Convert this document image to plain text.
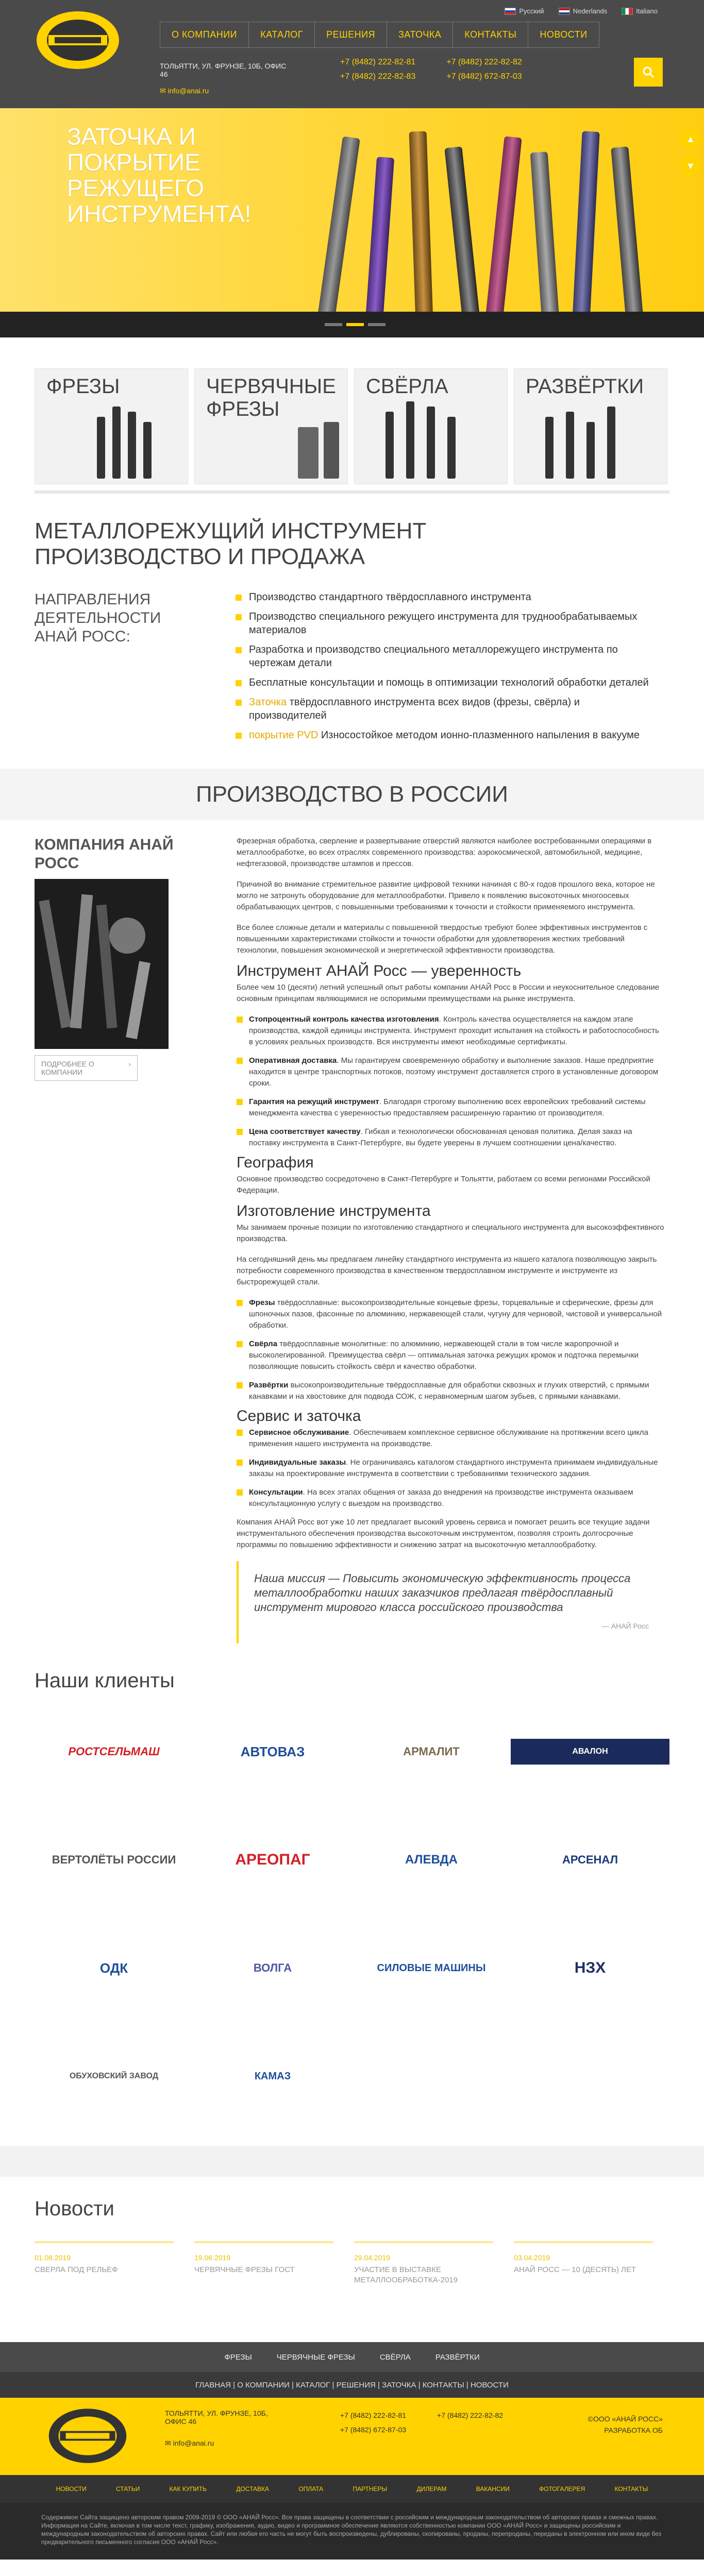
Русский	Nederlands	Italiano
О КОМПАНИИ	КАТАЛОГ	РЕШЕНИЯ	ЗАТОЧКА	КОНТАКТЫ	НОВОСТИ
ТОЛЬЯТТИ, УЛ. ФРУНЗЕ, 10Б, ОФИС 46
+7 (8482) 222-82-81	+7 (8482) 222-82-82
+7 (8482) 222-82-83	+7 (8482) 672-87-03
✉ info@anai.ru
ЗАТОЧКА И ПОКРЫТИЕ РЕЖУЩЕГО ИНСТРУМЕНТА!
▲
▼
ФРЕЗЫ	ЧЕРВЯЧНЫЕ ФРЕЗЫ
СВЁРЛА	РАЗВЁРТКИ
МЕТАЛЛОРЕЖУЩИЙ ИНСТРУМЕНТ ПРОИЗВОДСТВО И ПРОДАЖА
НАПРАВЛЕНИЯ ДЕЯТЕЛЬНОСТИ АНАЙ РОСС:
Производство стандартного твёрдосплавного инструмента
Производство специального режущего инструмента для труднообрабатываемых материалов
Разработка и производство специального металлорежущего инструмента по чертежам детали
Бесплатные консультации и помощь в оптимизации технологий обработки деталей
Заточка твёрдосплавного инструмента всех видов (фрезы, свёрла) и производителей
покрытие PVD Износостойкое метoдом ионно-плазменного напыления в вакууме
ПРОИЗВОДСТВО В РОССИИ
КОМПАНИЯ АНАЙ РОСС
ПОДРОБНЕЕ О КОМПАНИИ
›

Фрезерная обработка, сверление и развертывание отверстий являются наиболее востребованными операциями в металлообработке, во всех отраслях современного производства: аэрокосмической, автомобильной, медицине, нефтегазовой, производстве штампов и прессов.

Причиной во внимание стремительное развитие цифровой техники начиная с 80-х годов прошлого века, которое не могло не затронуть оборудование для металлообработки. Привело к появлению высокоточных многоосевых обрабатывающих центров, с повышенными требованиями к точности и стойкости применяемого инструмента.

Все более сложные детали и материалы с повышенной твердостью требуют более эффективных инструментов с повышенными характеристиками стойкости и точности обработки для удовлетворения жестких требований технологии, повышения экономической и энергетической эффективности производства.

Инструмент АНАЙ Росс — уверенность

Более чем 10 (десяти) летний успешный опыт работы компании АНАЙ Росс в России и неукоснительное следование основным принципам являющимися не оспоримыми преимуществами на рынке инструмента.

Стопроцентный контроль качества изготовления. Контроль качества осуществляется на каждом этапе производства, каждой единицы инструмента. Инструмент проходит испытания на стойкость и работоспособность в условиях реальных производств. Вся инструменты имеют необходимые сертификаты.
Оперативная доставка. Мы гарантируем своевременную обработку и выполнение заказов. Наше предприятие находится в центре транспортных потоков, поэтому инструмент доставляется строго в установленные договором сроки.
Гарантия на режущий инструмент. Благодаря строгому выполнению всех европейских требований системы менеджмента качества с уверенностью предоставляем расширенную гарантию от производителя.
Цена соответствует качеству. Гибкая и технологически обоснованная ценовая политика. Делая заказ на поставку инструмента в Санкт-Петербурге, вы будете уверены в лучшем соотношении цена/качество.
География

Основное производство сосредоточено в Санкт-Петербурге и Тольятти, работаем со всеми регионами Российской Федерации.

Изготовление инструмента

Мы занимаем прочные позиции по изготовлению стандартного и специального инструмента для высокоэффективного производства.

На сегодняшний день мы предлагаем линейку стандартного инструмента из нашего каталога позволяющую закрыть потребности современного производства в качественном твердосплавном инструменте и инструменте из быстрорежущей стали.

Фрезы твёрдосплавные: высокопроизводительные концевые фрезы, торцевальные и сферические, фрезы для шпоночных пазов, фасонные по алюминию, нержавеющей стали, чугуну для черновой, чистовой и универсальной обработки.
Свёрла твёрдосплавные монолитные: по алюминию, нержавеющей стали в том числе жаропрочной и высоколегированной. Преимущества свёрл — оптимальная заточка режущих кромок и подточка перемычки позволяющие повысить стойкость свёрл и качество обработки.
Развёртки высокопроизводительные твёрдосплавные для обработки сквозных и глухих отверстий, с прямыми канавками и на хвостовике для подвода СОЖ, с неравномерным шагом зубьев, с прямыми канавками.
Сервис и заточка
Сервисное обслуживание. Обеспечиваем комплексное сервисное обслуживание на протяжении всего цикла применения нашего инструмента на производстве.
Индивидуальные заказы. Не ограничиваясь каталогом стандартного инструмента принимаем индивидуальные заказы на проектирование инструмента в соответствии с требованиями технического задания.
Консультации. На всех этапах общения от заказа до внедрения на производстве инструмента оказываем консультационную услугу с выездом на производство.

Компания АНАЙ Росс вот уже 10 лет предлагает высокий уровень сервиса и помогает решить все текущие задачи инструментального обеспечения производства высокоточным инструментом, позволяя строить долгосрочные программы по повышению эффективности и снижению затрат на высокоточную металлообработку.

Наша миссия — Повысить экономическую эффективность процесса металлообработки наших заказчиков предлагая твёрдосплавный инструмент мирового класса российского производства
— АНАЙ Росс
Наши клиенты
РОСТСЕЛЬМАШ	АВТОВАЗ	АРМАЛИТ	АВАЛОН
ВЕРТОЛЁТЫ РОССИИ	АРЕОПАГ	АЛЕВДА	АРСЕНАЛ
ОДК	ВОЛГА	СИЛОВЫЕ МАШИНЫ	НЗХ
ОБУХОВСКИЙ ЗАВОД	КАМАЗ
Новости
01.08.2019
СВЕРЛА ПОД РЕЛЬЕФ
19.06.2019
ЧЕРВЯЧНЫЕ ФРЕЗЫ ГОСТ
29.04.2019
УЧАСТИЕ В ВЫСТАВКЕ МЕТАЛЛООБРАБОТКА-2019
03.04.2019
АНАЙ РОСС — 10 (ДЕСЯТЬ) ЛЕТ
ФРЕЗЫ	ЧЕРВЯЧНЫЕ ФРЕЗЫ	СВЁРЛА	РАЗВЁРТКИ
ГЛАВНАЯ | О КОМПАНИИ | КАТАЛОГ | РЕШЕНИЯ | ЗАТОЧКА | КОНТАКТЫ | НОВОСТИ
ТОЛЬЯТТИ, УЛ. ФРУНЗЕ, 10Б, ОФИС 46
+7 (8482) 222-82-81	+7 (8482) 222-82-82
+7 (8482) 672-87-03
✉ info@anai.ru
©ООО «АНАЙ РОСС»
РАЗРАБОТКА ОБ
НОВОСТИ	СТАТЬИ	КАК КУПИТЬ	ДОСТАВКА	ОПЛАТА	ПАРТНЕРЫ	ДИЛЕРАМ	ВАКАНСИИ	ФОТОГАЛЕРЕЯ	КОНТАКТЫ
Содержимое Сайта защищено авторским правом 2009-2019 © ООО «АНАЙ Росс». Все права защищены в соответствии с российским и международным законодательством об авторских правах и смежных правах. Информация на Сайте, включая в том числе текст, графику, изображения, аудио, видео и программное обеспечение являются собственностью компании ООО «АНАЙ Росс» и защищены российским и международным законодательством об авторских правах. Сайт или любая его часть не могут быть воспроизведены, дублированы, скопированы, проданы, перепроданы, переданы в электронном или ином виде без предварительного письменного согласия ООО «АНАЙ Росс».
